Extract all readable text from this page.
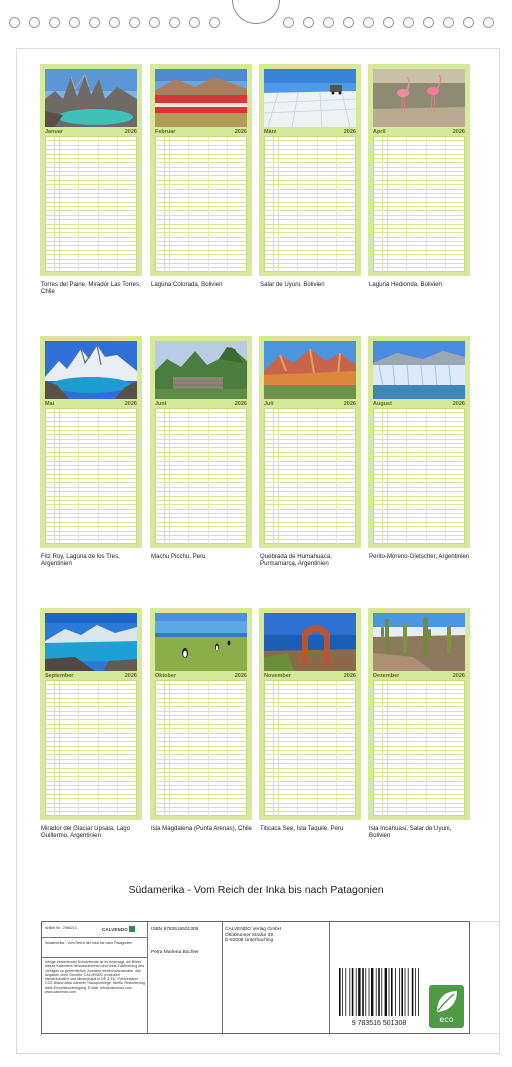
Januar	2026
Torres del Paine, Mirador Las Torres, Chile
Februar	2026
Laguna Colorada, Bolivien
März	2026
Salar de Uyuni, Bolivien
April	2026
Laguna Hedionda, Bolivien
Mai	2026
Fitz Roy, Laguna de los Tres, Argentinien
Juni	2026
Machu Picchu, Peru
Juli	2026
Quebrada de Humahuaca, Purmamarca, Argentinien
August	2026
Perito-Moreno-Gletscher, Argentinien
September	2026
Mirador del Glaciar Upsala, Lago Guillermo, Argentinien
Oktober	2026
Isla Magdalena (Punta Arenas), Chile
November	2026
Titicaca See, Isla Taquile, Peru
Dezember	2026
Isla Incahuasi, Salar de Uyuni, Bolivien
Südamerika - Vom Reich der Inka bis nach Patagonien
Artikel Nr.: 2966213	CALVENDO
Südamerika - Vom Reich der Inka bis nach Patagonien
Infolge bestehender Schutzrechte ist es untersagt, die Bilder dieses Kalenders herauszutrennen und ohne Zustimmung des Verlages zu gewerblichen Zwecken weiterzuverwenden. Alle Angaben ohne Gewähr. CALVENDO produziert klimafreundlich und klimaneutral in DE & EU. Printversand CO2-Bilanz dank sicherer Transportwege. Hierfür Reduzierung dank Einzelstückfertigung. E-Mail: info@calvendo.com · www.calvendo.com
ISBN 9783516501308
Petra Marlena Büchler
CALVENDO Verlag GmbH
Ottobrunner Straße 39
D-82008 Unterhaching
9 783516 501308	eco
